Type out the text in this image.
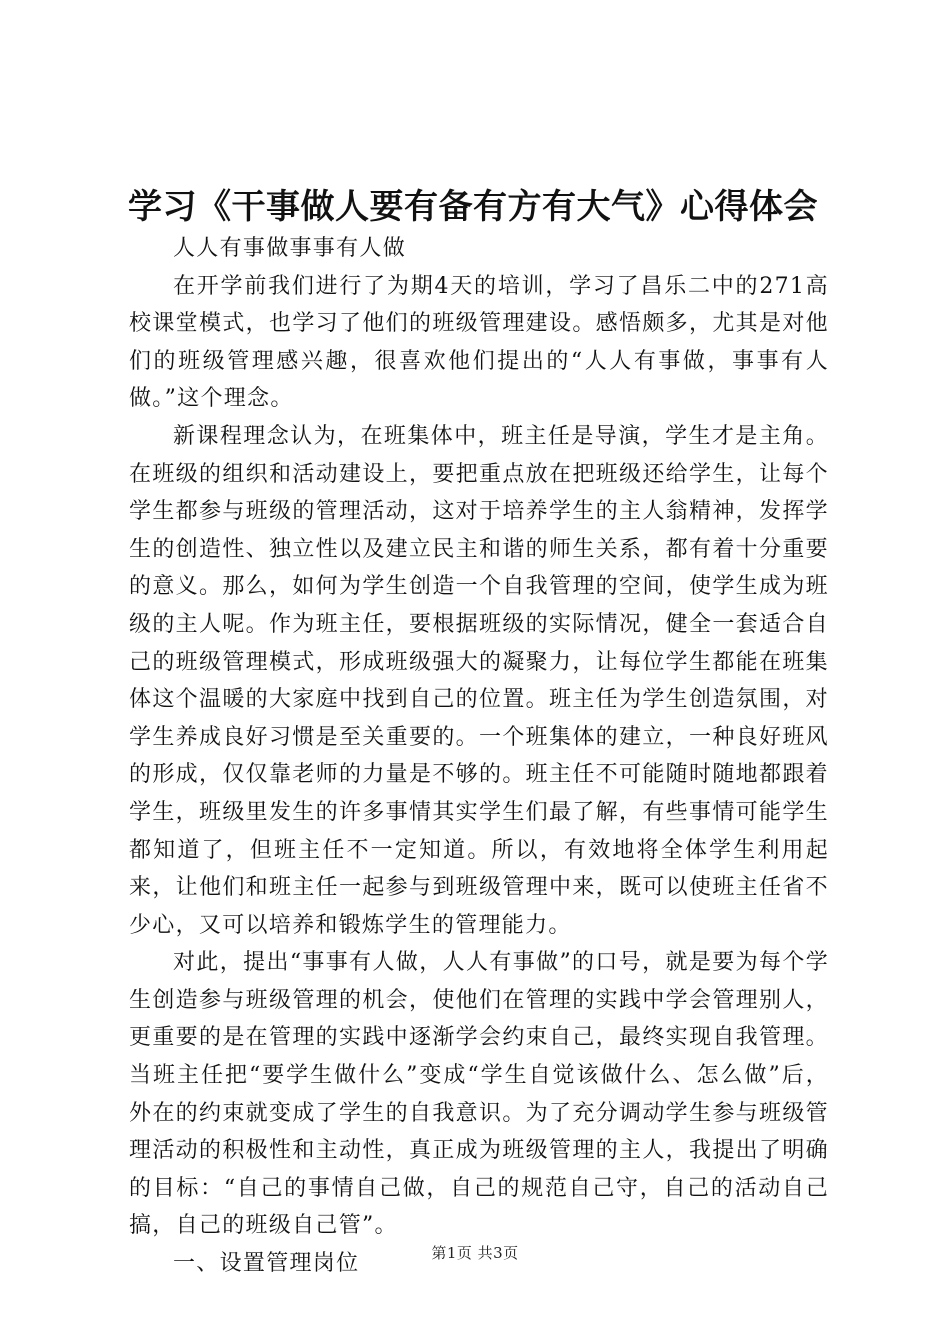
学习《干事做人要有备有方有大气》心得体会

人人有事做事事有人做

在开学前我们进行了为期4天的培训，学习了昌乐二中的271高校课堂模式，也学习了他们的班级管理建设。感悟颇多，尤其是对他们的班级管理感兴趣，很喜欢他们提出的“人人有事做，事事有人做。”这个理念。

新课程理念认为，在班集体中，班主任是导演，学生才是主角。在班级的组织和活动建设上，要把重点放在把班级还给学生，让每个学生都参与班级的管理活动，这对于培养学生的主人翁精神，发挥学生的创造性、独立性以及建立民主和谐的师生关系，都有着十分重要的意义。那么，如何为学生创造一个自我管理的空间，使学生成为班级的主人呢。作为班主任，要根据班级的实际情况，健全一套适合自己的班级管理模式，形成班级强大的凝聚力，让每位学生都能在班集体这个温暖的大家庭中找到自己的位置。班主任为学生创造氛围，对学生养成良好习惯是至关重要的。一个班集体的建立，一种良好班风的形成，仅仅靠老师的力量是不够的。班主任不可能随时随地都跟着学生，班级里发生的许多事情其实学生们最了解，有些事情可能学生都知道了，但班主任不一定知道。所以，有效地将全体学生利用起来，让他们和班主任一起参与到班级管理中来，既可以使班主任省不少心，又可以培养和锻炼学生的管理能力。

对此，提出“事事有人做，人人有事做”的口号，就是要为每个学生创造参与班级管理的机会，使他们在管理的实践中学会管理别人，更重要的是在管理的实践中逐渐学会约束自己，最终实现自我管理。当班主任把“要学生做什么”变成“学生自觉该做什么、怎么做”后，外在的约束就变成了学生的自我意识。为了充分调动学生参与班级管理活动的积极性和主动性，真正成为班级管理的主人，我提出了明确的目标：“自己的事情自己做，自己的规范自己守，自己的活动自己搞，自己的班级自己管”。

一、设置管理岗位	第1页 共3页
